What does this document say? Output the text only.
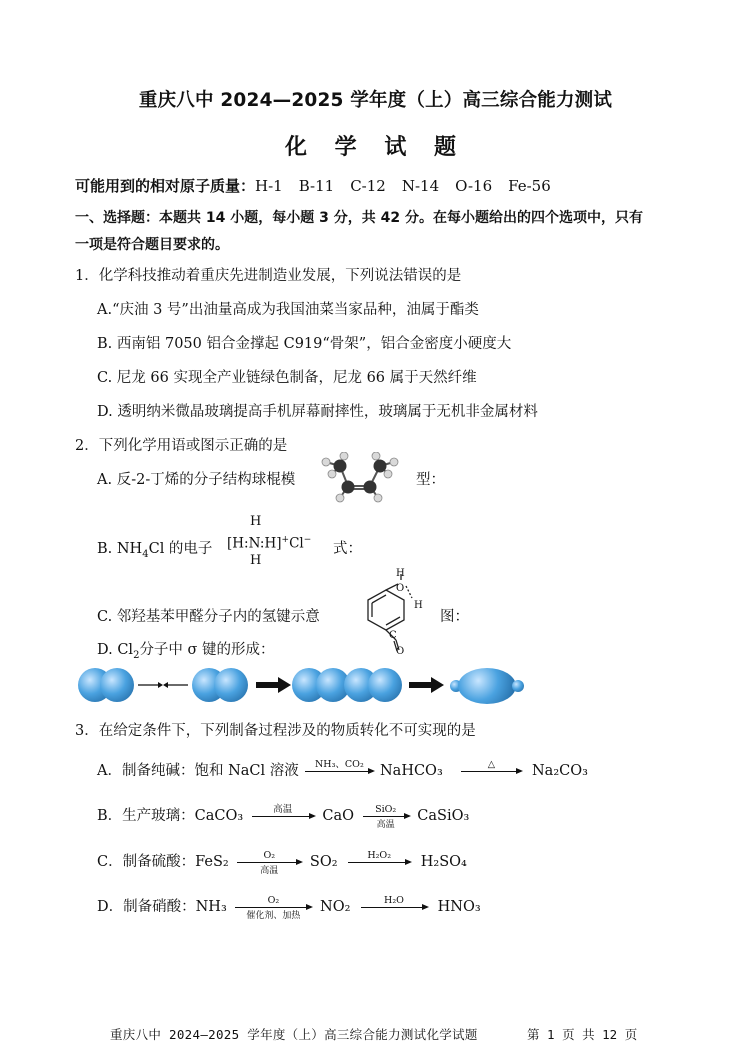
重庆八中 2024—2025 学年度（上）高三综合能力测试
化 学 试 题
可能用到的相对原子质量：H-1 B-11 C-12 N-14 O-16 Fe-56
一、选择题：本题共 14 小题，每小题 3 分，共 42 分。在每小题给出的四个选项中，只有
一项是符合题目要求的。
1．化学科技推动着重庆先进制造业发展，下列说法错误的是
A.“庆油 3 号”出油量高成为我国油菜当家品种，油属于酯类
B. 西南铝 7050 铝合金撑起 C919“骨架”，铝合金密度小硬度大
C. 尼龙 66 实现全产业链绿色制备，尼龙 66 属于天然纤维
D. 透明纳米微晶玻璃提高手机屏幕耐摔性，玻璃属于无机非金属材料
2．下列化学用语或图示正确的是
A. 反-2-丁烯的分子结构球棍模	型：
B. $NH_4Cl$ 的电子
H
[H:N:H]+Cl−
H
式：
C. 邻羟基苯甲醛分子内的氢键示意
H
O
H
C
O
图：
D. $Cl_2$分子中 σ 键的形成：
3．在给定条件下，下列制备过程涉及的物质转化不可实现的是
A．制备纯碱：饱和 NaCl 溶液	NH₃、CO₂	NaHCO₃	△	Na₂CO₃
B．生产玻璃：CaCO₃	高温	CaO	SiO₂
高温
CaSiO₃
C．制备硫酸：FeS₂	O₂
高温
SO₂	H₂O₂	H₂SO₄
D．制备硝酸：NH₃	O₂
催化剂、加热
NO₂	H₂O	HNO₃
重庆八中 2024—2025 学年度（上）高三综合能力测试化学试题	第 1 页 共 12 页
